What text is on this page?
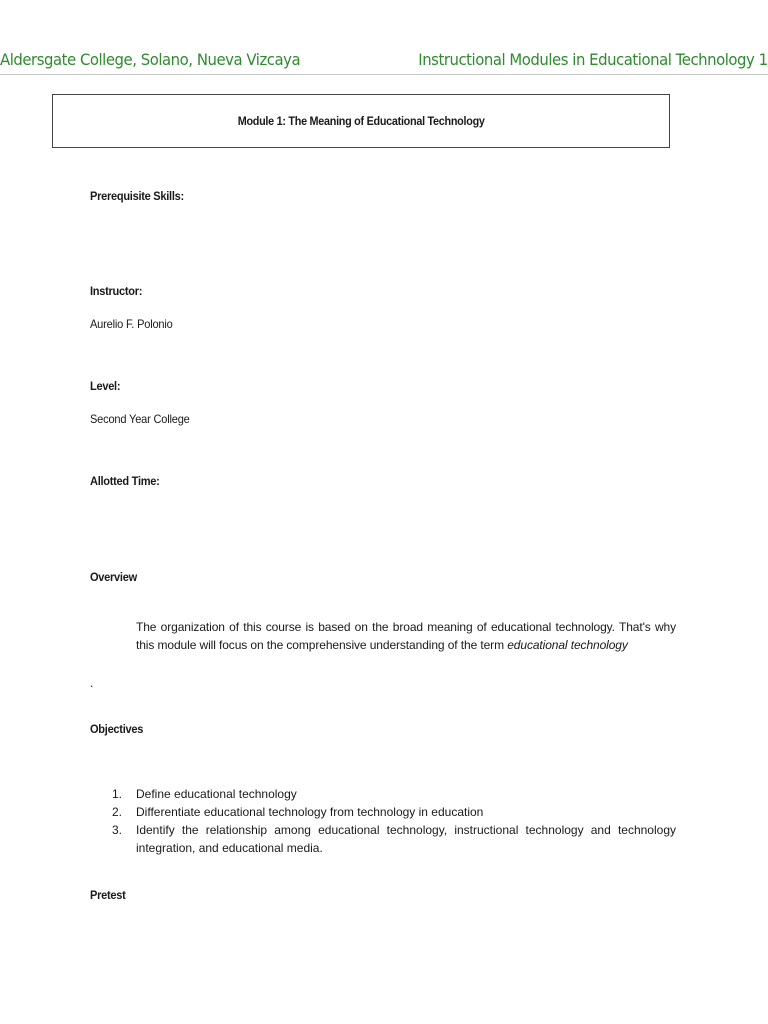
Aldersgate College, Solano, Nueva Vizcaya	Instructional Modules in Educational Technology 1
Module 1: The Meaning of Educational Technology
Prerequisite Skills:
Instructor:
Aurelio F. Polonio
Level:
Second Year College
Allotted Time:
Overview
The organization of this course is based on the broad meaning of educational technology. That's why this module will focus on the comprehensive understanding of the term educational technology
.
Objectives
1.	Define educational technology
2.	Differentiate educational technology from technology in education
3.	Identify the relationship among educational technology, instructional technology and technology integration, and educational media.
Pretest
